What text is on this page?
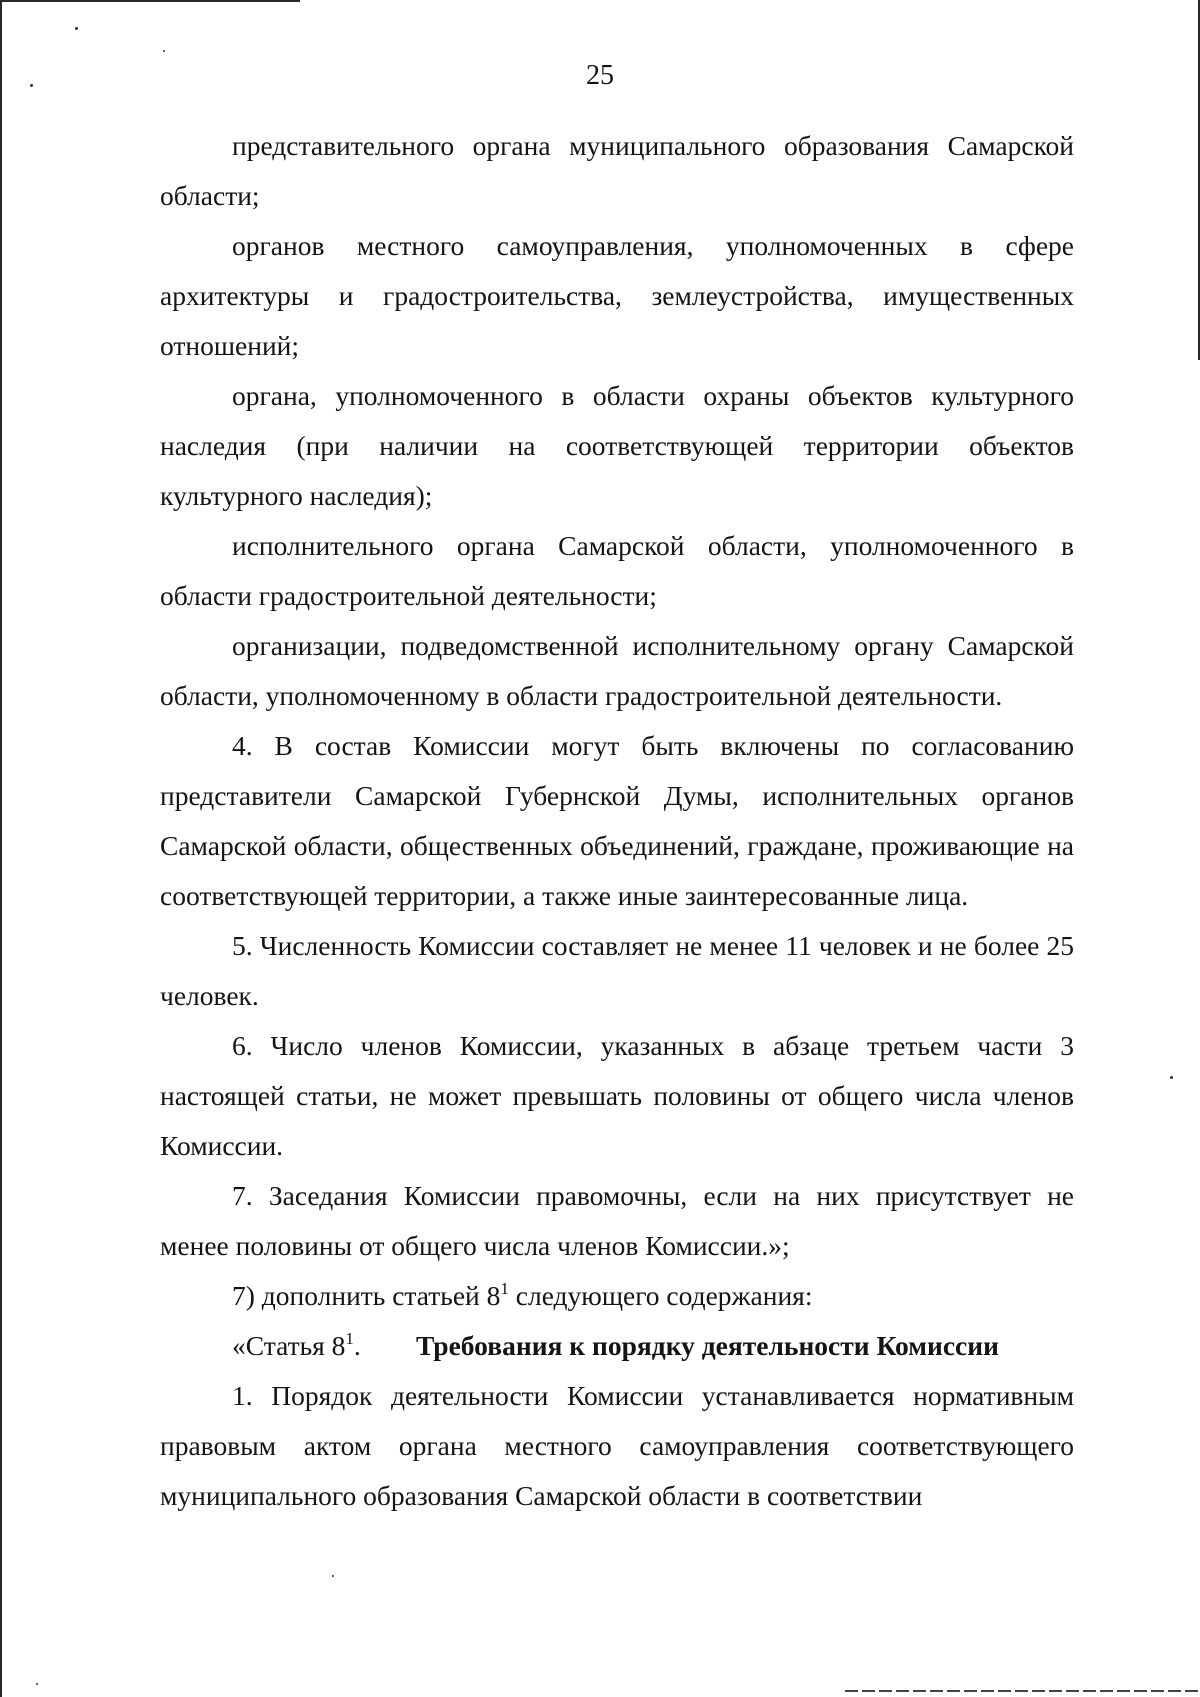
25

представительного органа муниципального образования Самарской области;

органов местного самоуправления, уполномоченных в сфере архитектуры и градостроительства, землеустройства, имущественных отношений;

органа, уполномоченного в области охраны объектов культурного наследия (при наличии на соответствующей территории объектов культурного наследия);

исполнительного органа Самарской области, уполномоченного в области градостроительной деятельности;

организации, подведомственной исполнительному органу Самарской области, уполномоченному в области градостроительной деятельности.

4. В состав Комиссии могут быть включены по согласованию представители Самарской Губернской Думы, исполнительных органов Самарской области, общественных объединений, граждане, проживающие на соответствующей территории, а также иные заинтересованные лица.

5. Численность Комиссии составляет не менее 11 человек и не более 25 человек.

6. Число членов Комиссии, указанных в абзаце третьем части 3 настоящей статьи, не может превышать половины от общего числа членов Комиссии.

7. Заседания Комиссии правомочны, если на них присутствует не менее половины от общего числа членов Комиссии.»;

7) дополнить статьей $8^1$ следующего содержания:

«Статья $8^1$. Требования к порядку деятельности Комиссии

1. Порядок деятельности Комиссии устанавливается нормативным правовым актом органа местного самоуправления соответствующего муниципального образования Самарской области в соответствии
